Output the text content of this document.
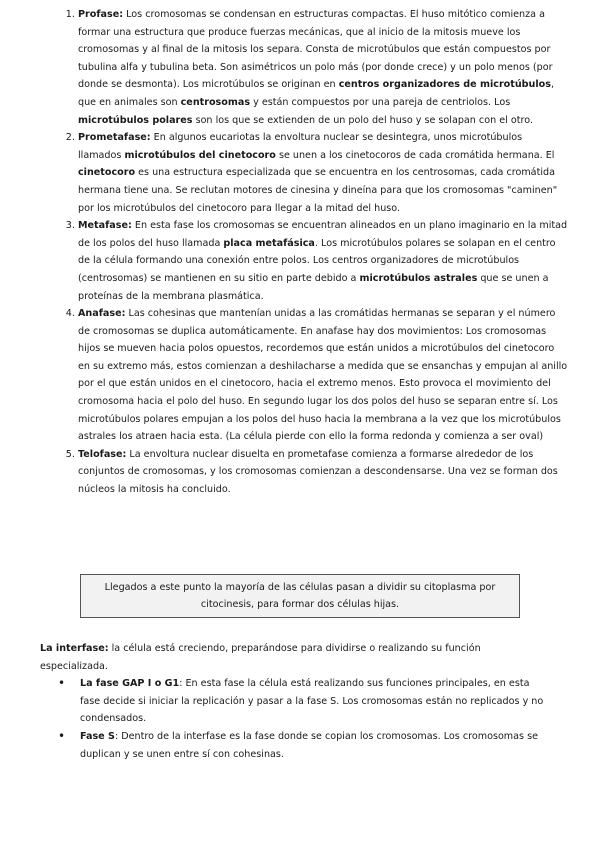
1. Profase: Los cromosomas se condensan en estructuras compactas. El huso mitótico comienza a formar una estructura que produce fuerzas mecánicas, que al inicio de la mitosis mueve los cromosomas y al final de la mitosis los separa. Consta de microtúbulos que están compuestos por tubulina alfa y tubulina beta. Son asimétricos un polo más (por donde crece) y un polo menos (por donde se desmonta). Los microtúbulos se originan en centros organizadores de microtúbulos, que en animales son centrosomas y están compuestos por una pareja de centriolos. Los microtúbulos polares son los que se extienden de un polo del huso y se solapan con el otro.
2. Prometafase: En algunos eucariotas la envoltura nuclear se desintegra, unos microtúbulos llamados microtúbulos del cinetocoro se unen a los cinetocoros de cada cromátida hermana. El cinetocoro es una estructura especializada que se encuentra en los centrosomas, cada cromátida hermana tiene una. Se reclutan motores de cinesina y dineína para que los cromosomas "caminen" por los microtúbulos del cinetocoro para llegar a la mitad del huso.
3. Metafase: En esta fase los cromosomas se encuentran alineados en un plano imaginario en la mitad de los polos del huso llamada placa metafásica. Los microtúbulos polares se solapan en el centro de la célula formando una conexión entre polos. Los centros organizadores de microtúbulos (centrosomas) se mantienen en su sitio en parte debido a microtúbulos astrales que se unen a proteínas de la membrana plasmática.
4. Anafase: Las cohesinas que mantenían unidas a las cromátidas hermanas se separan y el número de cromosomas se duplica automáticamente. En anafase hay dos movimientos: Los cromosomas hijos se mueven hacia polos opuestos, recordemos que están unidos a microtúbulos del cinetocoro en su extremo más, estos comienzan a deshilacharse a medida que se ensanchas y empujan al anillo por el que están unidos en el cinetocoro, hacia el extremo menos. Esto provoca el movimiento del cromosoma hacia el polo del huso. En segundo lugar los dos polos del huso se separan entre sí. Los microtúbulos polares empujan a los polos del huso hacia la membrana a la vez que los microtúbulos astrales los atraen hacia esta. (La célula pierde con ello la forma redonda y comienza a ser oval)
5. Telofase: La envoltura nuclear disuelta en prometafase comienza a formarse alrededor de los conjuntos de cromosomas, y los cromosomas comienzan a descondensarse. Una vez se forman dos núcleos la mitosis ha concluido.
Llegados a este punto la mayoría de las células pasan a dividir su citoplasma por citocinesis, para formar dos células hijas.

La interfase: la célula está creciendo, preparándose para dividirse o realizando su función especializada.

• La fase GAP I o G1: En esta fase la célula está realizando sus funciones principales, en esta fase decide si iniciar la replicación y pasar a la fase S. Los cromosomas están no replicados y no condensados.
• Fase S: Dentro de la interfase es la fase donde se copian los cromosomas. Los cromosomas se duplican y se unen entre sí con cohesinas.
